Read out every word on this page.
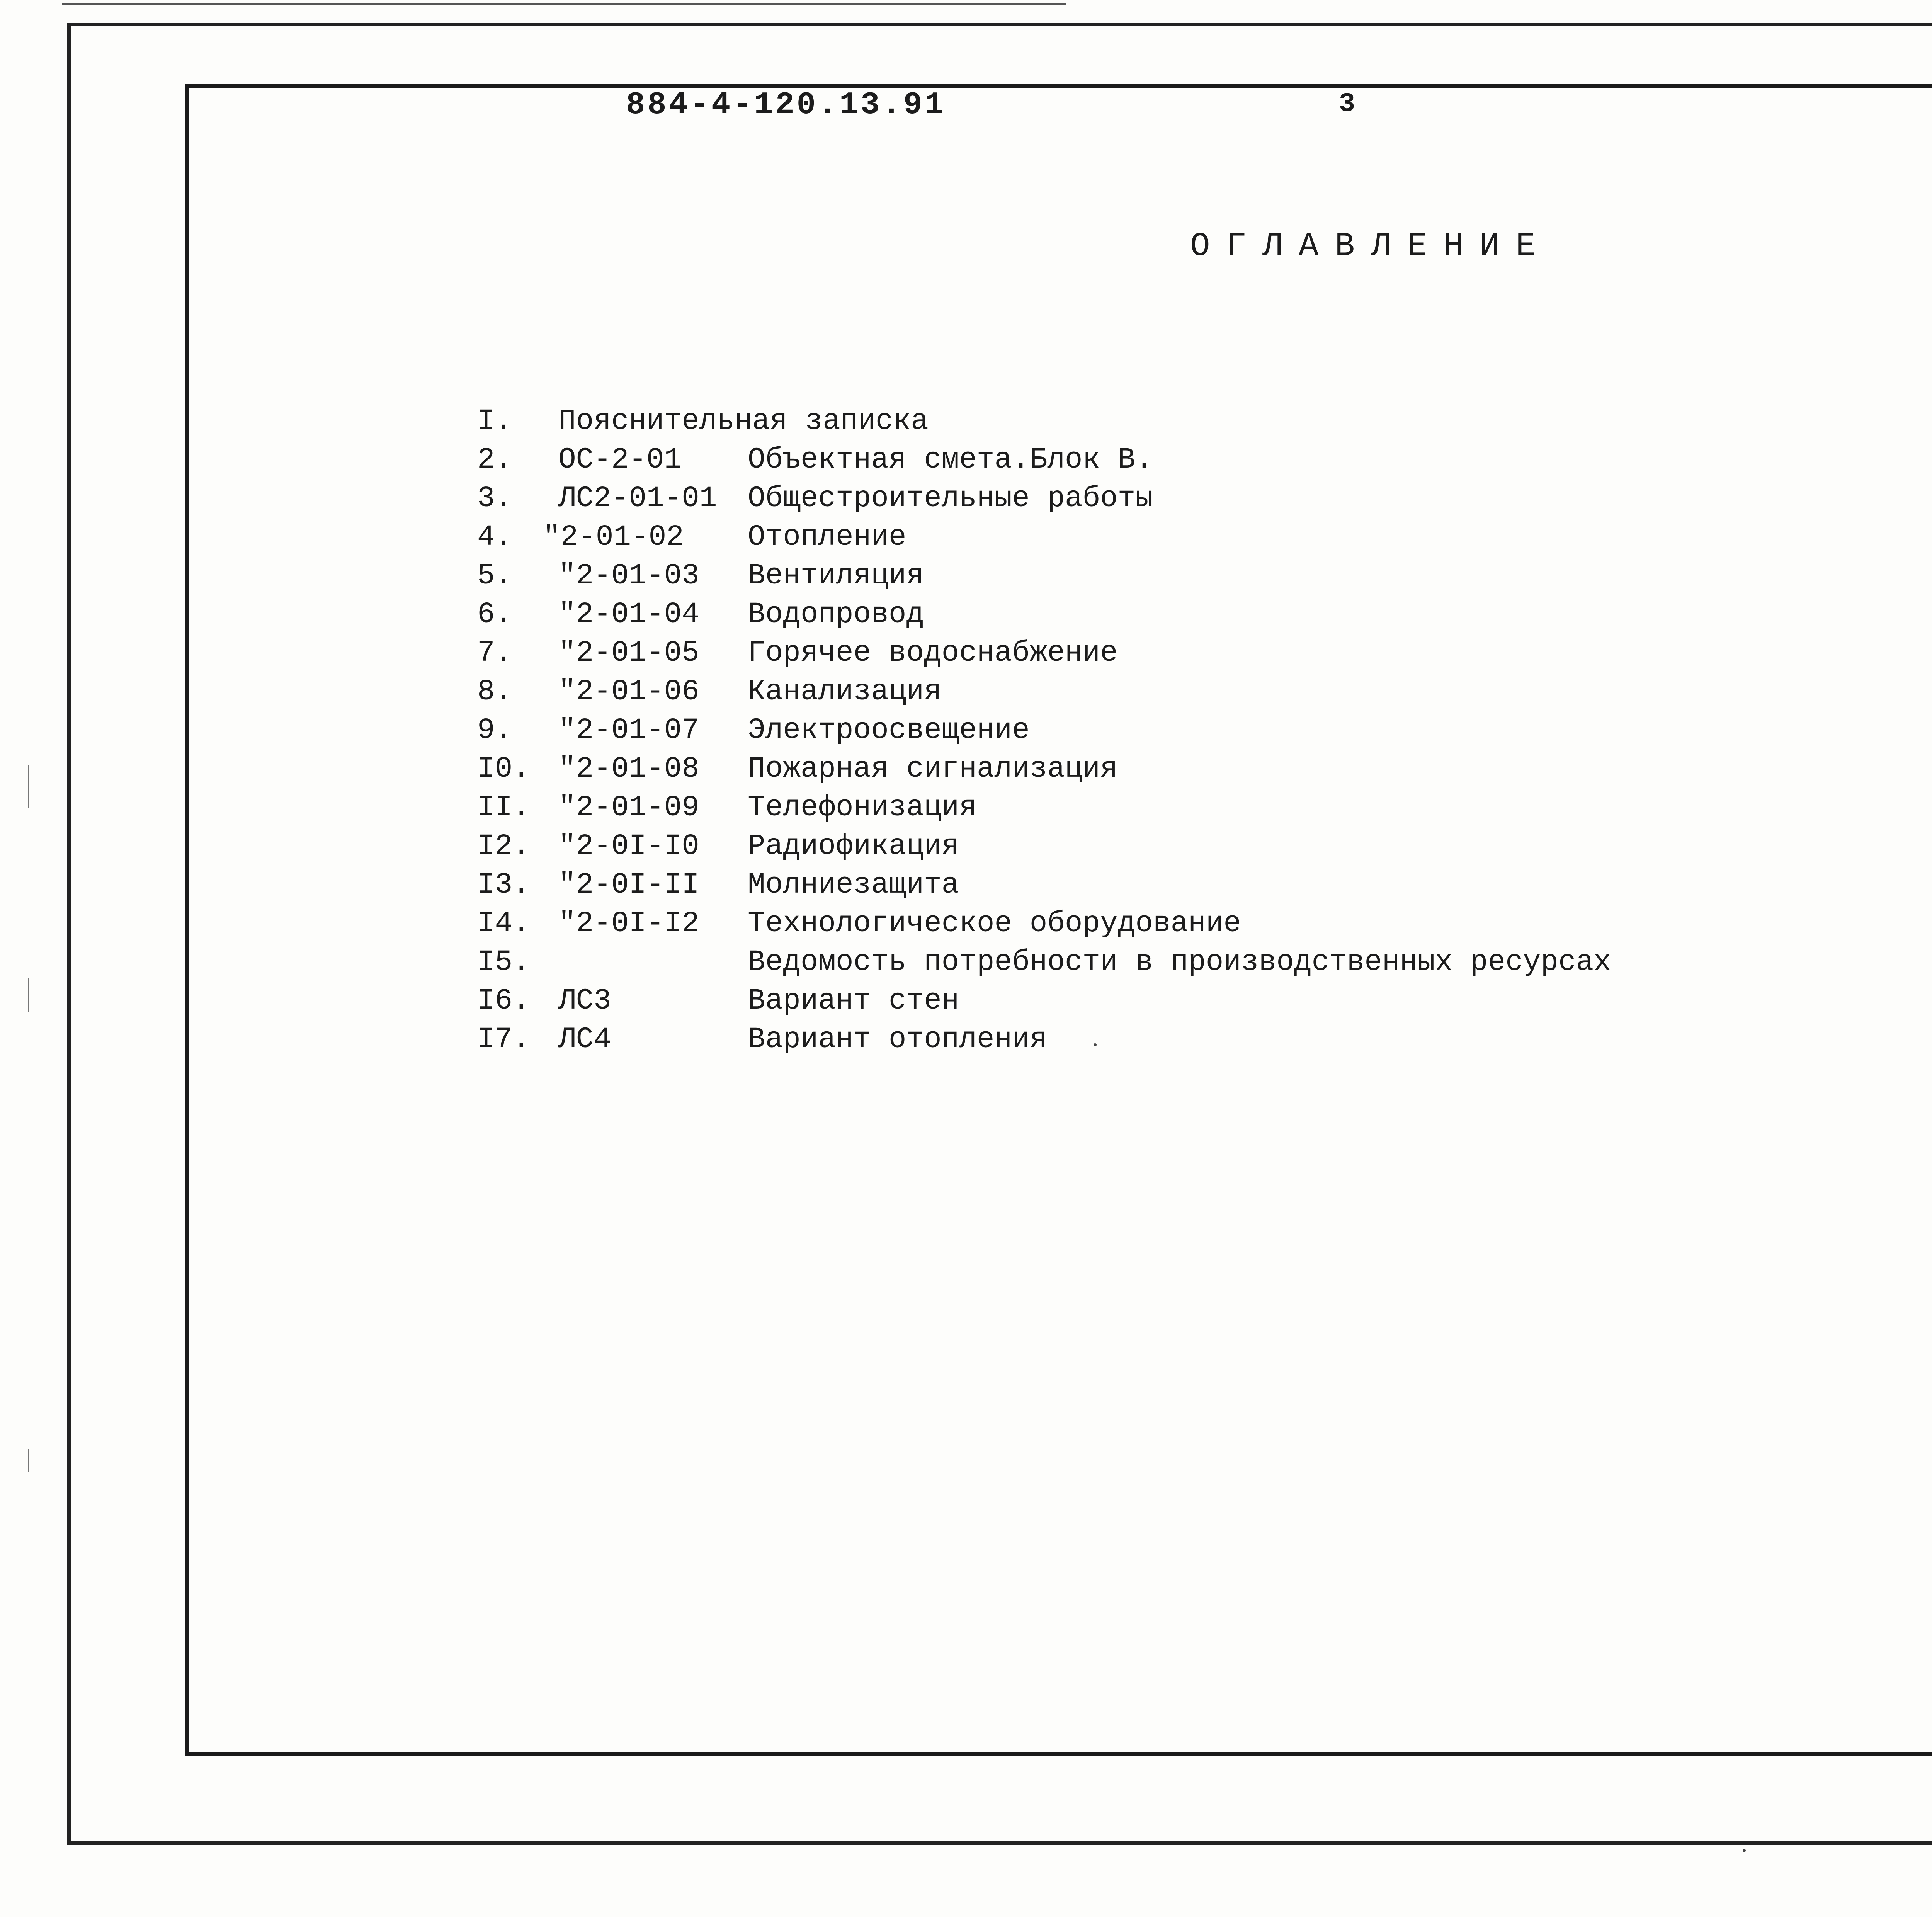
884-4-120.13.91	3
ОГЛАВЛЕНИЕ
I. Пояснительная записка
2. ОС-2-01 Объектная смета.Блок В.
3. ЛС2-01-01 Общестроительные работы
4. "2-01-02 Отопление
5. "2-01-03 Вентиляция
6. "2-01-04 Водопровод
7. "2-01-05 Горячее водоснабжение
8. "2-01-06 Канализация
9. "2-01-07 Электроосвещение
I0. "2-01-08 Пожарная сигнализация
II. "2-01-09 Телефонизация
I2. "2-0I-I0 Радиофикация
I3. "2-0I-II Молниезащита
I4. "2-0I-I2 Технологическое оборудование
I5.	Ведомость потребности в производственных ресурсах
I6. ЛС3	Вариант стен
I7. ЛС4	Вариант отопления
